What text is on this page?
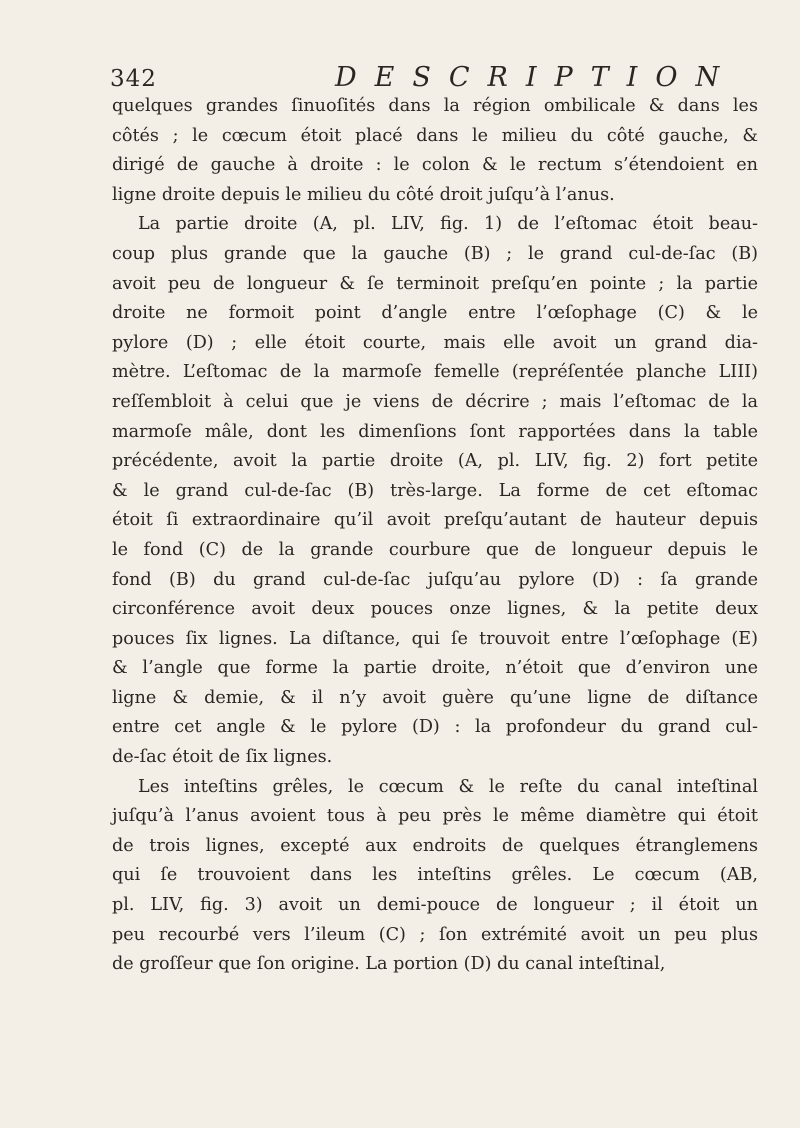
342	DESCRIPTION
quelques grandes ſinuoſités dans la région ombilicale & dans les
côtés ; le cœcum étoit placé dans le milieu du côté gauche, &
dirigé de gauche à droite : le colon & le rectum s’étendoient en
ligne droite depuis le milieu du côté droit juſqu’à l’anus.
La partie droite (A, pl. LIV, fig. 1) de l’eſtomac étoit beau-
coup plus grande que la gauche (B) ; le grand cul-de-ſac (B)
avoit peu de longueur & ſe terminoit preſqu’en pointe ; la partie
droite ne formoit point d’angle entre l’œſophage (C) & le
pylore (D) ; elle étoit courte, mais elle avoit un grand dia-
mètre. L’eſtomac de la marmoſe femelle (repréſentée planche LIII)
reſſembloit à celui que je viens de décrire ; mais l’eſtomac de la
marmoſe mâle, dont les dimenſions ſont rapportées dans la table
précédente, avoit la partie droite (A, pl. LIV, fig. 2) fort petite
& le grand cul-de-ſac (B) très-large. La forme de cet eſtomac
étoit ſi extraordinaire qu’il avoit preſqu’autant de hauteur depuis
le fond (C) de la grande courbure que de longueur depuis le
fond (B) du grand cul-de-ſac juſqu’au pylore (D) : ſa grande
circonférence avoit deux pouces onze lignes, & la petite deux
pouces ſix lignes. La diſtance, qui ſe trouvoit entre l’œſophage (E)
& l’angle que forme la partie droite, n’étoit que d’environ une
ligne & demie, & il n’y avoit guère qu’une ligne de diſtance
entre cet angle & le pylore (D) : la profondeur du grand cul-
de-ſac étoit de ſix lignes.
Les inteſtins grêles, le cœcum & le reſte du canal inteſtinal
juſqu’à l’anus avoient tous à peu près le même diamètre qui étoit
de trois lignes, excepté aux endroits de quelques étranglemens
qui ſe trouvoient dans les inteſtins grêles. Le cœcum (AB,
pl. LIV, fig. 3) avoit un demi-pouce de longueur ; il étoit un
peu recourbé vers l’ileum (C) ; ſon extrémité avoit un peu plus
de groſſeur que ſon origine. La portion (D) du canal inteſtinal,
